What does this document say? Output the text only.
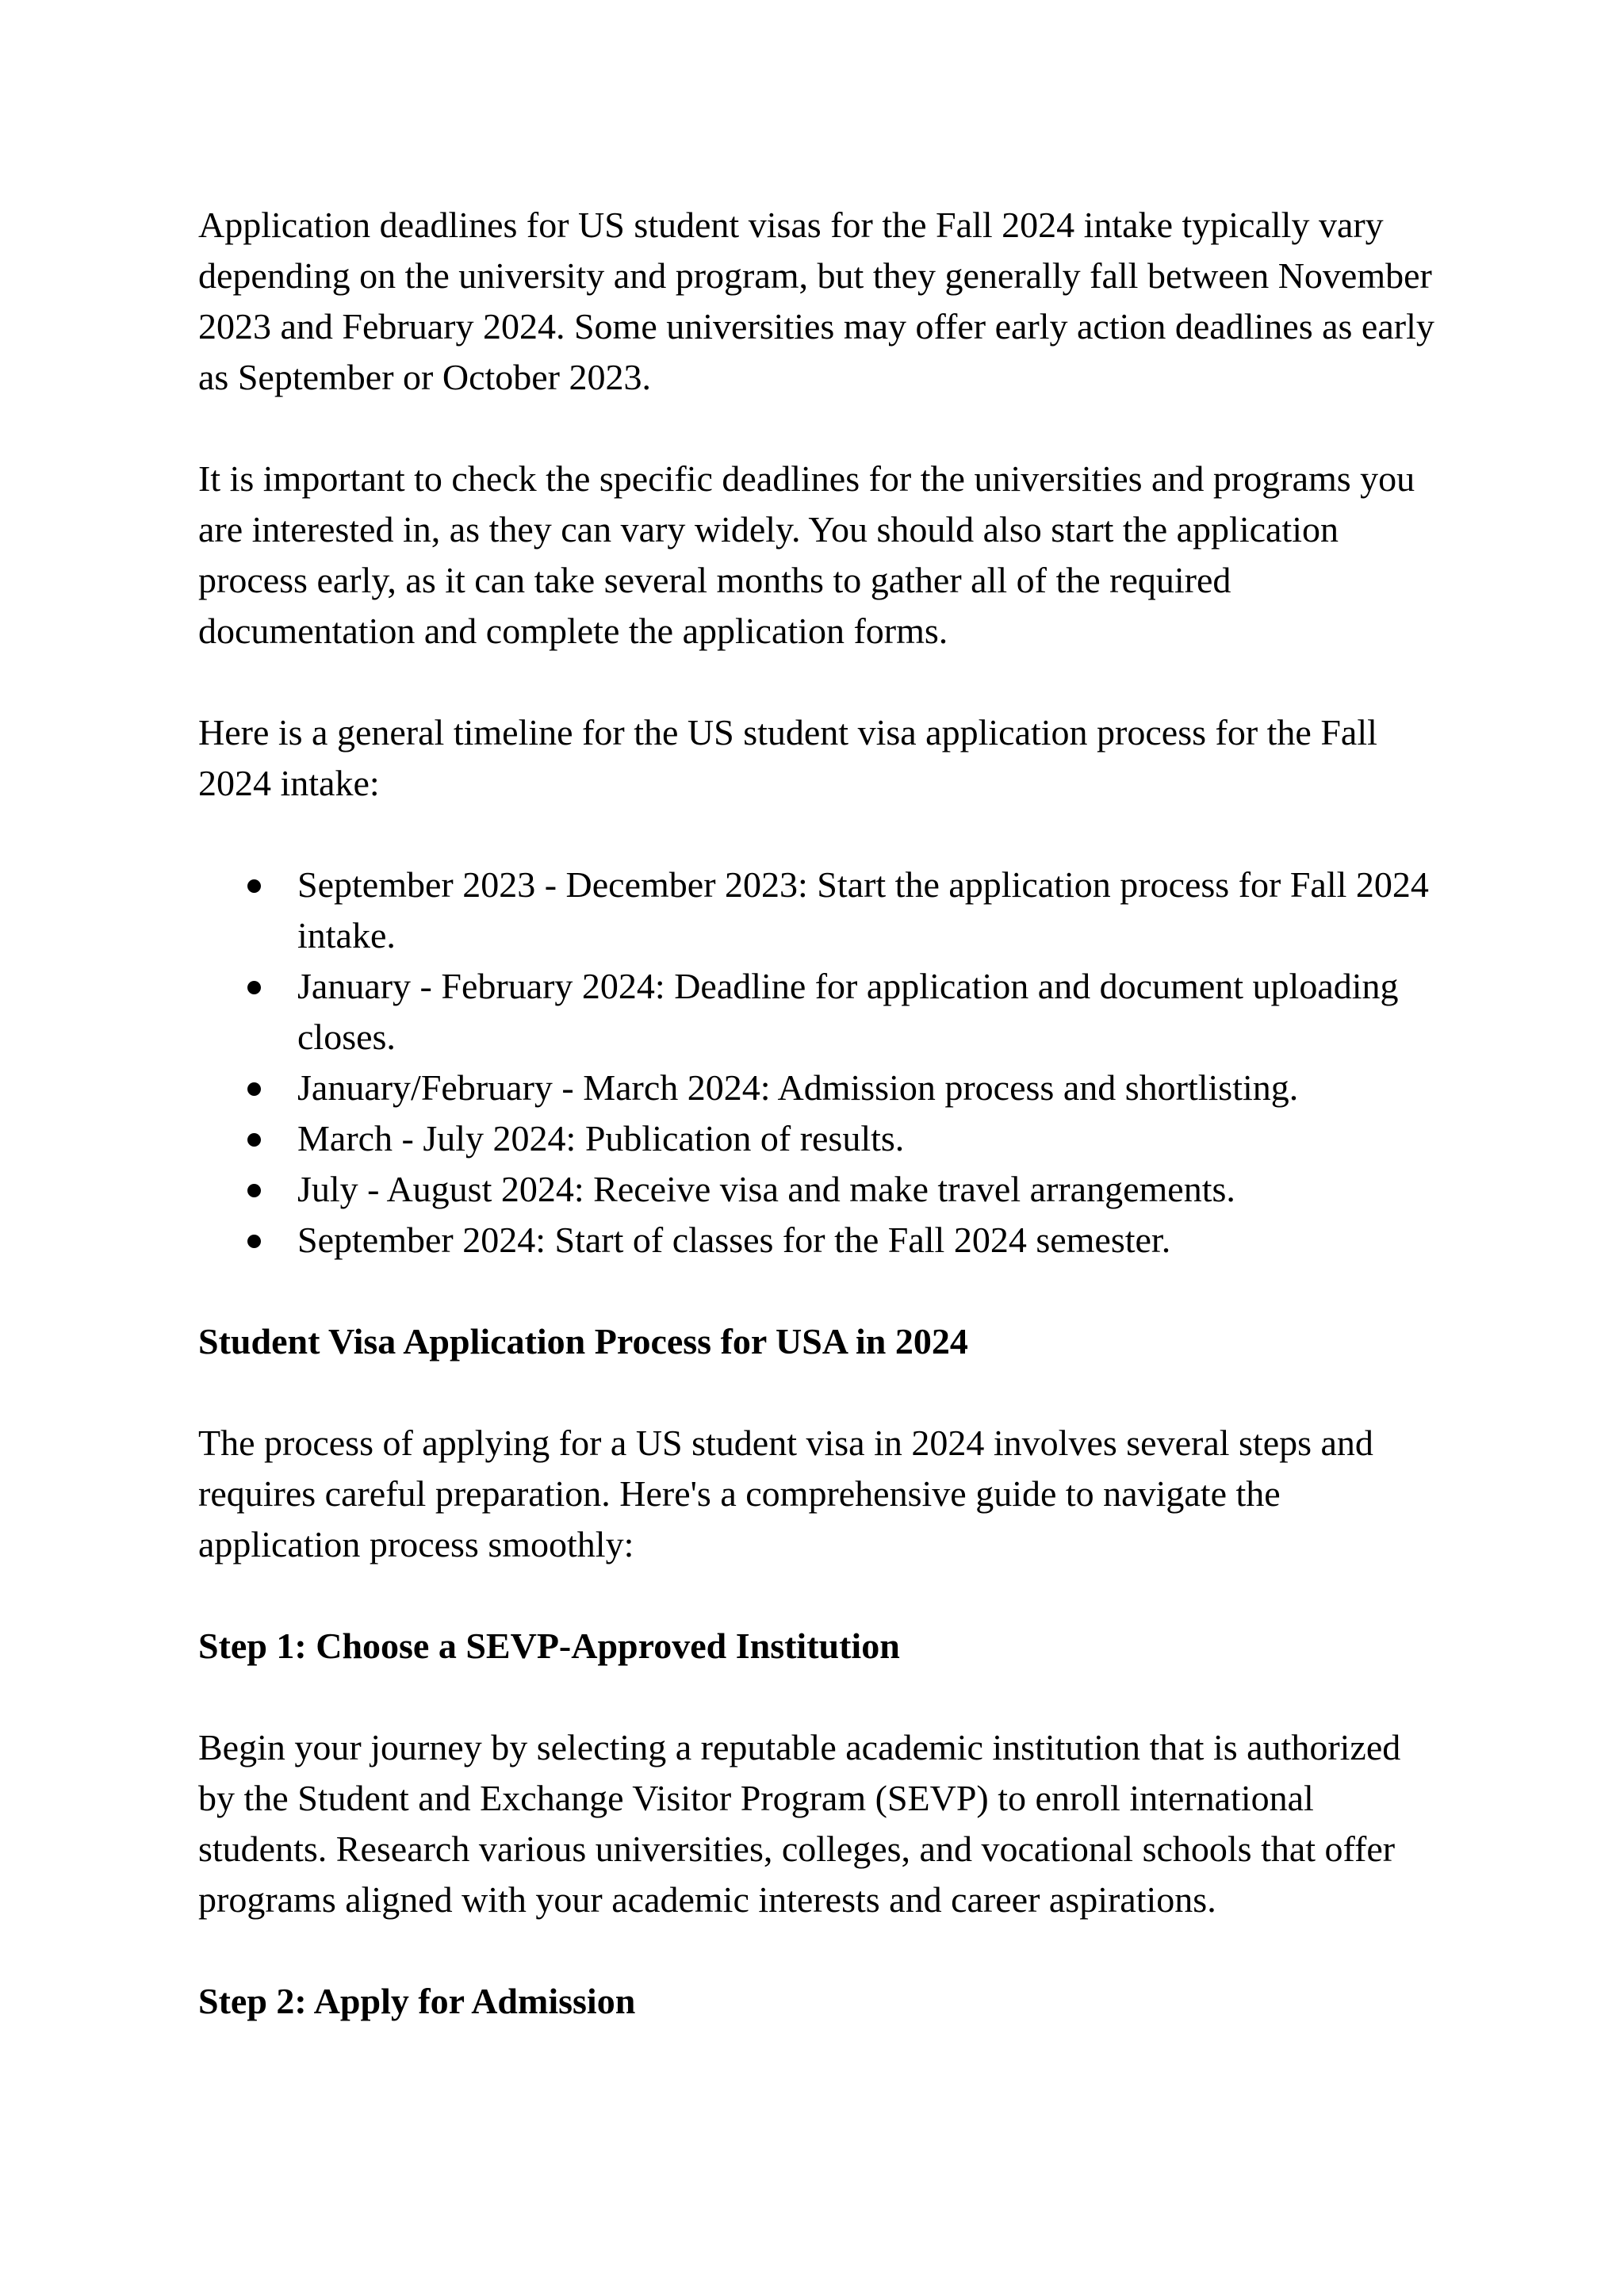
Application deadlines for US student visas for the Fall 2024 intake typically vary depending on the university and program, but they generally fall between November 2023 and February 2024. Some universities may offer early action deadlines as early as September or October 2023.

It is important to check the specific deadlines for the universities and programs you are interested in, as they can vary widely. You should also start the application process early, as it can take several months to gather all of the required documentation and complete the application forms.

Here is a general timeline for the US student visa application process for the Fall 2024 intake:

September 2023 - December 2023: Start the application process for Fall 2024 intake.
January - February 2024: Deadline for application and document uploading closes.
January/February - March 2024: Admission process and shortlisting.
March - July 2024: Publication of results.
July - August 2024: Receive visa and make travel arrangements.
September 2024: Start of classes for the Fall 2024 semester.

Student Visa Application Process for USA in 2024

The process of applying for a US student visa in 2024 involves several steps and requires careful preparation. Here's a comprehensive guide to navigate the application process smoothly:

Step 1: Choose a SEVP-Approved Institution

Begin your journey by selecting a reputable academic institution that is authorized by the Student and Exchange Visitor Program (SEVP) to enroll international students. Research various universities, colleges, and vocational schools that offer programs aligned with your academic interests and career aspirations.

Step 2: Apply for Admission
